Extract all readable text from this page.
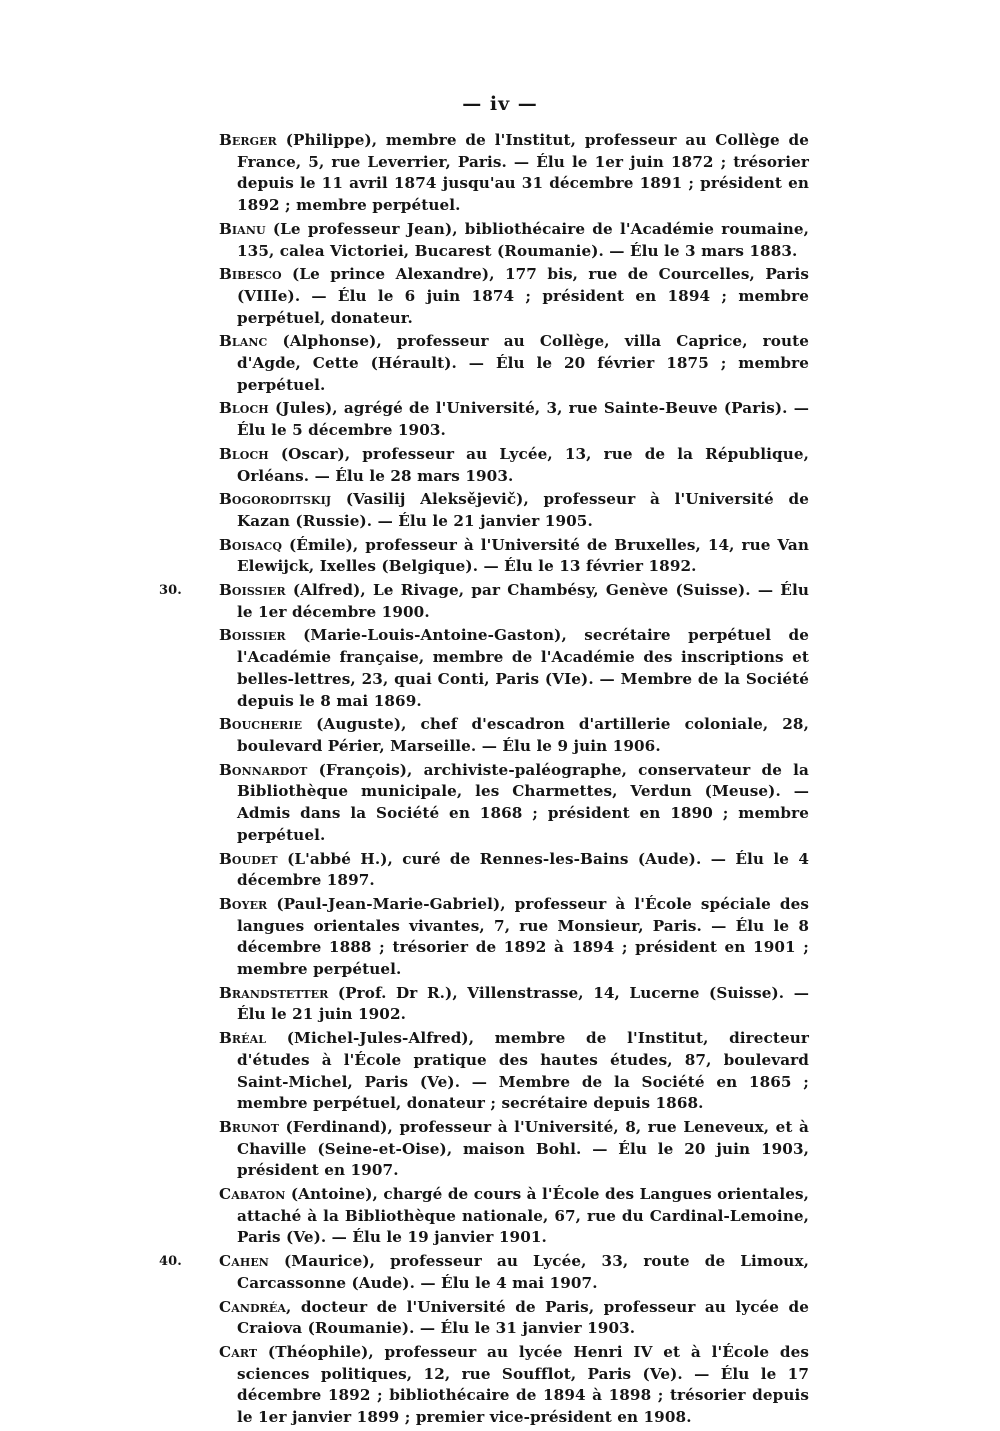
— iv —
Berger (Philippe), membre de l'Institut, professeur au Collège de France, 5, rue Leverrier, Paris. — Élu le 1er juin 1872 ; trésorier depuis le 11 avril 1874 jusqu'au 31 décembre 1891 ; président en 1892 ; membre perpétuel.
Bianu (Le professeur Jean), bibliothécaire de l'Académie roumaine, 135, calea Victoriei, Bucarest (Roumanie). — Élu le 3 mars 1883.
Bibesco (Le prince Alexandre), 177 bis, rue de Courcelles, Paris (VIIIe). — Élu le 6 juin 1874 ; président en 1894 ; membre perpétuel, donateur.
Blanc (Alphonse), professeur au Collège, villa Caprice, route d'Agde, Cette (Hérault). — Élu le 20 février 1875 ; membre perpétuel.
Bloch (Jules), agrégé de l'Université, 3, rue Sainte-Beuve (Paris). — Élu le 5 décembre 1903.
Bloch (Oscar), professeur au Lycée, 13, rue de la République, Orléans. — Élu le 28 mars 1903.
Bogoroditskij (Vasilij Aleksějevič), professeur à l'Université de Kazan (Russie). — Élu le 21 janvier 1905.
Boisacq (Émile), professeur à l'Université de Bruxelles, 14, rue Van Elewijck, Ixelles (Belgique). — Élu le 13 février 1892.
30. Boissier (Alfred), Le Rivage, par Chambésy, Genève (Suisse). — Élu le 1er décembre 1900.
Boissier (Marie-Louis-Antoine-Gaston), secrétaire perpétuel de l'Académie française, membre de l'Académie des inscriptions et belles-lettres, 23, quai Conti, Paris (VIe). — Membre de la Société depuis le 8 mai 1869.
Boucherie (Auguste), chef d'escadron d'artillerie coloniale, 28, boulevard Périer, Marseille. — Élu le 9 juin 1906.
Bonnardot (François), archiviste-paléographe, conservateur de la Bibliothèque municipale, les Charmettes, Verdun (Meuse). — Admis dans la Société en 1868 ; président en 1890 ; membre perpétuel.
Boudet (L'abbé H.), curé de Rennes-les-Bains (Aude). — Élu le 4 décembre 1897.
Boyer (Paul-Jean-Marie-Gabriel), professeur à l'École spéciale des langues orientales vivantes, 7, rue Monsieur, Paris. — Élu le 8 décembre 1888 ; trésorier de 1892 à 1894 ; président en 1901 ; membre perpétuel.
Brandstetter (Prof. Dr R.), Villenstrasse, 14, Lucerne (Suisse). — Élu le 21 juin 1902.
Bréal (Michel-Jules-Alfred), membre de l'Institut, directeur d'études à l'École pratique des hautes études, 87, boulevard Saint-Michel, Paris (Ve). — Membre de la Société en 1865 ; membre perpétuel, donateur ; secrétaire depuis 1868.
Brunot (Ferdinand), professeur à l'Université, 8, rue Leneveux, et à Chaville (Seine-et-Oise), maison Bohl. — Élu le 20 juin 1903, président en 1907.
Cabaton (Antoine), chargé de cours à l'École des Langues orientales, attaché à la Bibliothèque nationale, 67, rue du Cardinal-Lemoine, Paris (Ve). — Élu le 19 janvier 1901.
40. Cahen (Maurice), professeur au Lycée, 33, route de Limoux, Carcassonne (Aude). — Élu le 4 mai 1907.
Candréa, docteur de l'Université de Paris, professeur au lycée de Craiova (Roumanie). — Élu le 31 janvier 1903.
Cart (Théophile), professeur au lycée Henri IV et à l'École des sciences politiques, 12, rue Soufflot, Paris (Ve). — Élu le 17 décembre 1892 ; bibliothécaire de 1894 à 1898 ; trésorier depuis le 1er janvier 1899 ; premier vice-président en 1908.
